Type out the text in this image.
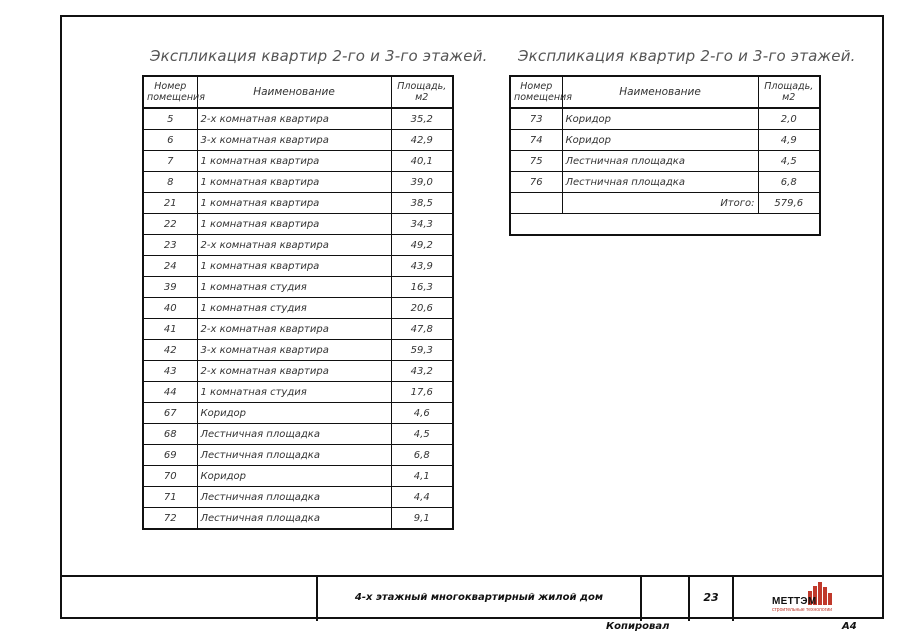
Экспликация квартир 2-го и 3-го этажей.
Номер помещения	Наименование	Площадь, м2
5	2-х комнатная квартира	35,2
6	3-х комнатная квартира	42,9
7	1 комнатная квартира	40,1
8	1 комнатная квартира	39,0
21	1 комнатная квартира	38,5
22	1 комнатная квартира	34,3
23	2-х комнатная квартира	49,2
24	1 комнатная квартира	43,9
39	1 комнатная студия	16,3
40	1 комнатная студия	20,6
41	2-х комнатная квартира	47,8
42	3-х комнатная квартира	59,3
43	2-х комнатная квартира	43,2
44	1 комнатная студия	17,6
67	Коридор	4,6
68	Лестничная площадка	4,5
69	Лестничная площадка	6,8
70	Коридор	4,1
71	Лестничная площадка	4,4
72	Лестничная площадка	9,1
Экспликация квартир 2-го и 3-го этажей.
Номер помещения	Наименование	Площадь, м2
73	Коридор	2,0
74	Коридор	4,9
75	Лестничная площадка	4,5
76	Лестничная площадка	6,8
	Итого:	579,6

4-х этажный многоквартирный жилой дом	23	МЕТТЭМ
строительные технологии
Копировал	А4
